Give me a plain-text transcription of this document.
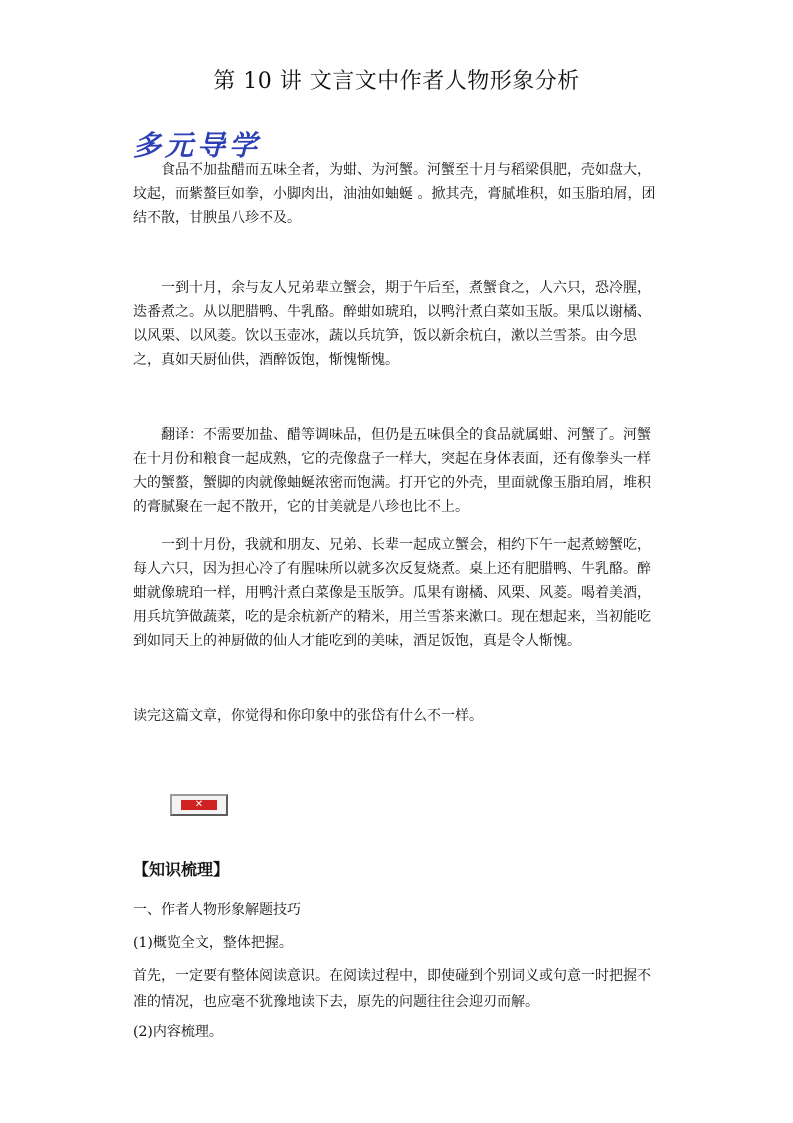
第 10 讲 文言文中作者人物形象分析
多元导学

食品不加盐醋而五味全者，为蚶、为河蟹。河蟹至十月与稻梁俱肥，壳如盘大，坟起，而紫螯巨如拳，小脚肉出，油油如蚰蜒 。掀其壳，膏腻堆积，如玉脂珀屑，团结不散，甘腴虽八珍不及。

一到十月，余与友人兄弟辈立蟹会，期于午后至，煮蟹食之，人六只，恐冷腥，迭番煮之。从以肥腊鸭、牛乳酪。醉蚶如琥珀，以鸭汁煮白菜如玉版。果瓜以谢橘、以风栗、以风菱。饮以玉壶冰，蔬以兵坑笋，饭以新余杭白，漱以兰雪茶。由今思之，真如天厨仙供，酒醉饭饱，惭愧惭愧。

翻译：不需要加盐、醋等调味品，但仍是五味俱全的食品就属蚶、河蟹了。河蟹在十月份和粮食一起成熟，它的壳像盘子一样大，突起在身体表面，还有像拳头一样大的蟹螯，蟹脚的肉就像蚰蜒浓密而饱满。打开它的外壳，里面就像玉脂珀屑，堆积的膏腻聚在一起不散开，它的甘美就是八珍也比不上。

一到十月份，我就和朋友、兄弟、长辈一起成立蟹会，相约下午一起煮螃蟹吃，每人六只，因为担心冷了有腥味所以就多次反复烧煮。桌上还有肥腊鸭、牛乳酪。醉蚶就像琥珀一样，用鸭汁煮白菜像是玉版笋。瓜果有谢橘、风栗、风菱。喝着美酒，用兵坑笋做蔬菜，吃的是余杭新产的精米，用兰雪茶来漱口。现在想起来，当初能吃到如同天上的神厨做的仙人才能吃到的美味，酒足饭饱，真是令人惭愧。

读完这篇文章，你觉得和你印象中的张岱有什么不一样。

✕
【知识梳理】

一、作者人物形象解题技巧

(1)概览全文，整体把握。

首先，一定要有整体阅读意识。在阅读过程中，即使碰到个别词义或句意一时把握不准的情况，也应毫不犹豫地读下去，原先的问题往往会迎刃而解。

(2)内容梳理。
